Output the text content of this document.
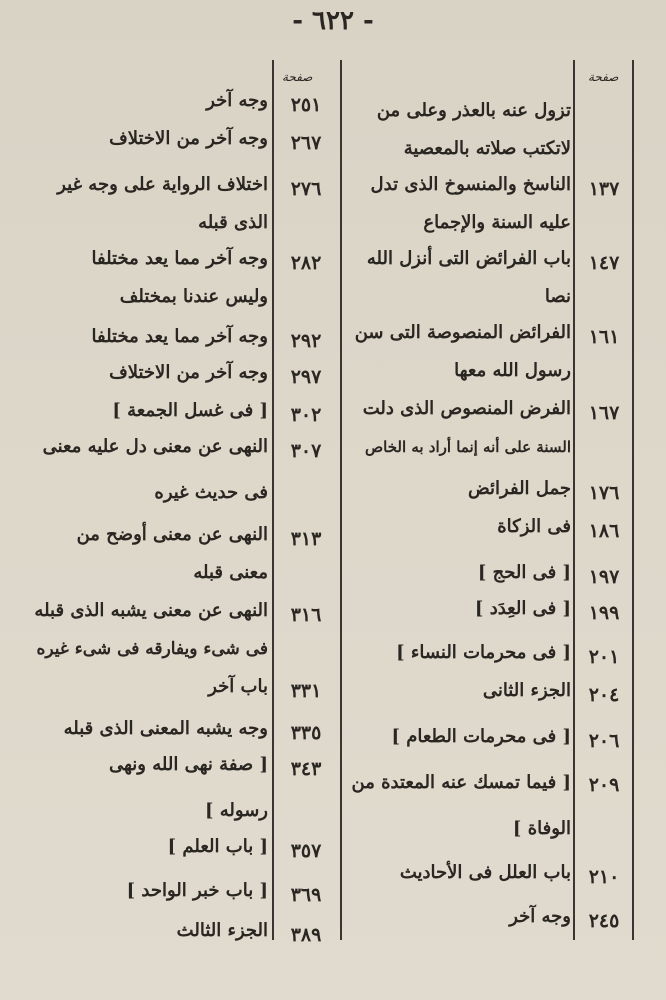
- ٦٢٢ -
صفحة
صفحة
تزول عنه بالعذر وعلى من
لاتكتب صلاته بالمعصية
١٣٧
الناسخ والمنسوخ الذى تدل
عليه السنة والإجماع
١٤٧
باب الفرائض التى أنزل الله
نصا
١٦١
الفرائض المنصوصة التى سن
رسول الله معها
١٦٧
الفرض المنصوص الذى دلت
السنة على أنه إنما أراد به الخاص
١٧٦
جمل الفرائض
١٨٦
فى الزكاة
١٩٧
[ فى الحج ]
١٩٩
[ فى العِدَد ]
٢٠١
[ فى محرمات النساء ]
٢٠٤
الجزء الثانى
٢٠٦
[ فى محرمات الطعام ]
٢٠٩
[ فيما تمسك عنه المعتدة من
الوفاة ]
٢١٠
باب العلل فى الأحاديث
٢٤٥
وجه آخر
٢٥١
وجه آخر
٢٦٧
وجه آخر من الاختلاف
٢٧٦
اختلاف الرواية على وجه غير
الذى قبله
٢٨٢
وجه آخر مما يعد مختلفا
وليس عندنا بمختلف
٢٩٢
وجه آخر مما يعد مختلفا
٢٩٧
وجه آخر من الاختلاف
٣٠٢
[ فى غسل الجمعة ]
٣٠٧
النهى عن معنى دل عليه معنى
فى حديث غيره
٣١٣
النهى عن معنى أوضح من
معنى قبله
٣١٦
النهى عن معنى يشبه الذى قبله
فى شىء ويفارقه فى شىء غيره
٣٣١
باب آخر
٣٣٥
وجه يشبه المعنى الذى قبله
٣٤٣
[ صفة نهى الله ونهى
رسوله ]
٣٥٧
[ باب العلم ]
٣٦٩
[ باب خبر الواحد ]
٣٨٩
الجزء الثالث
